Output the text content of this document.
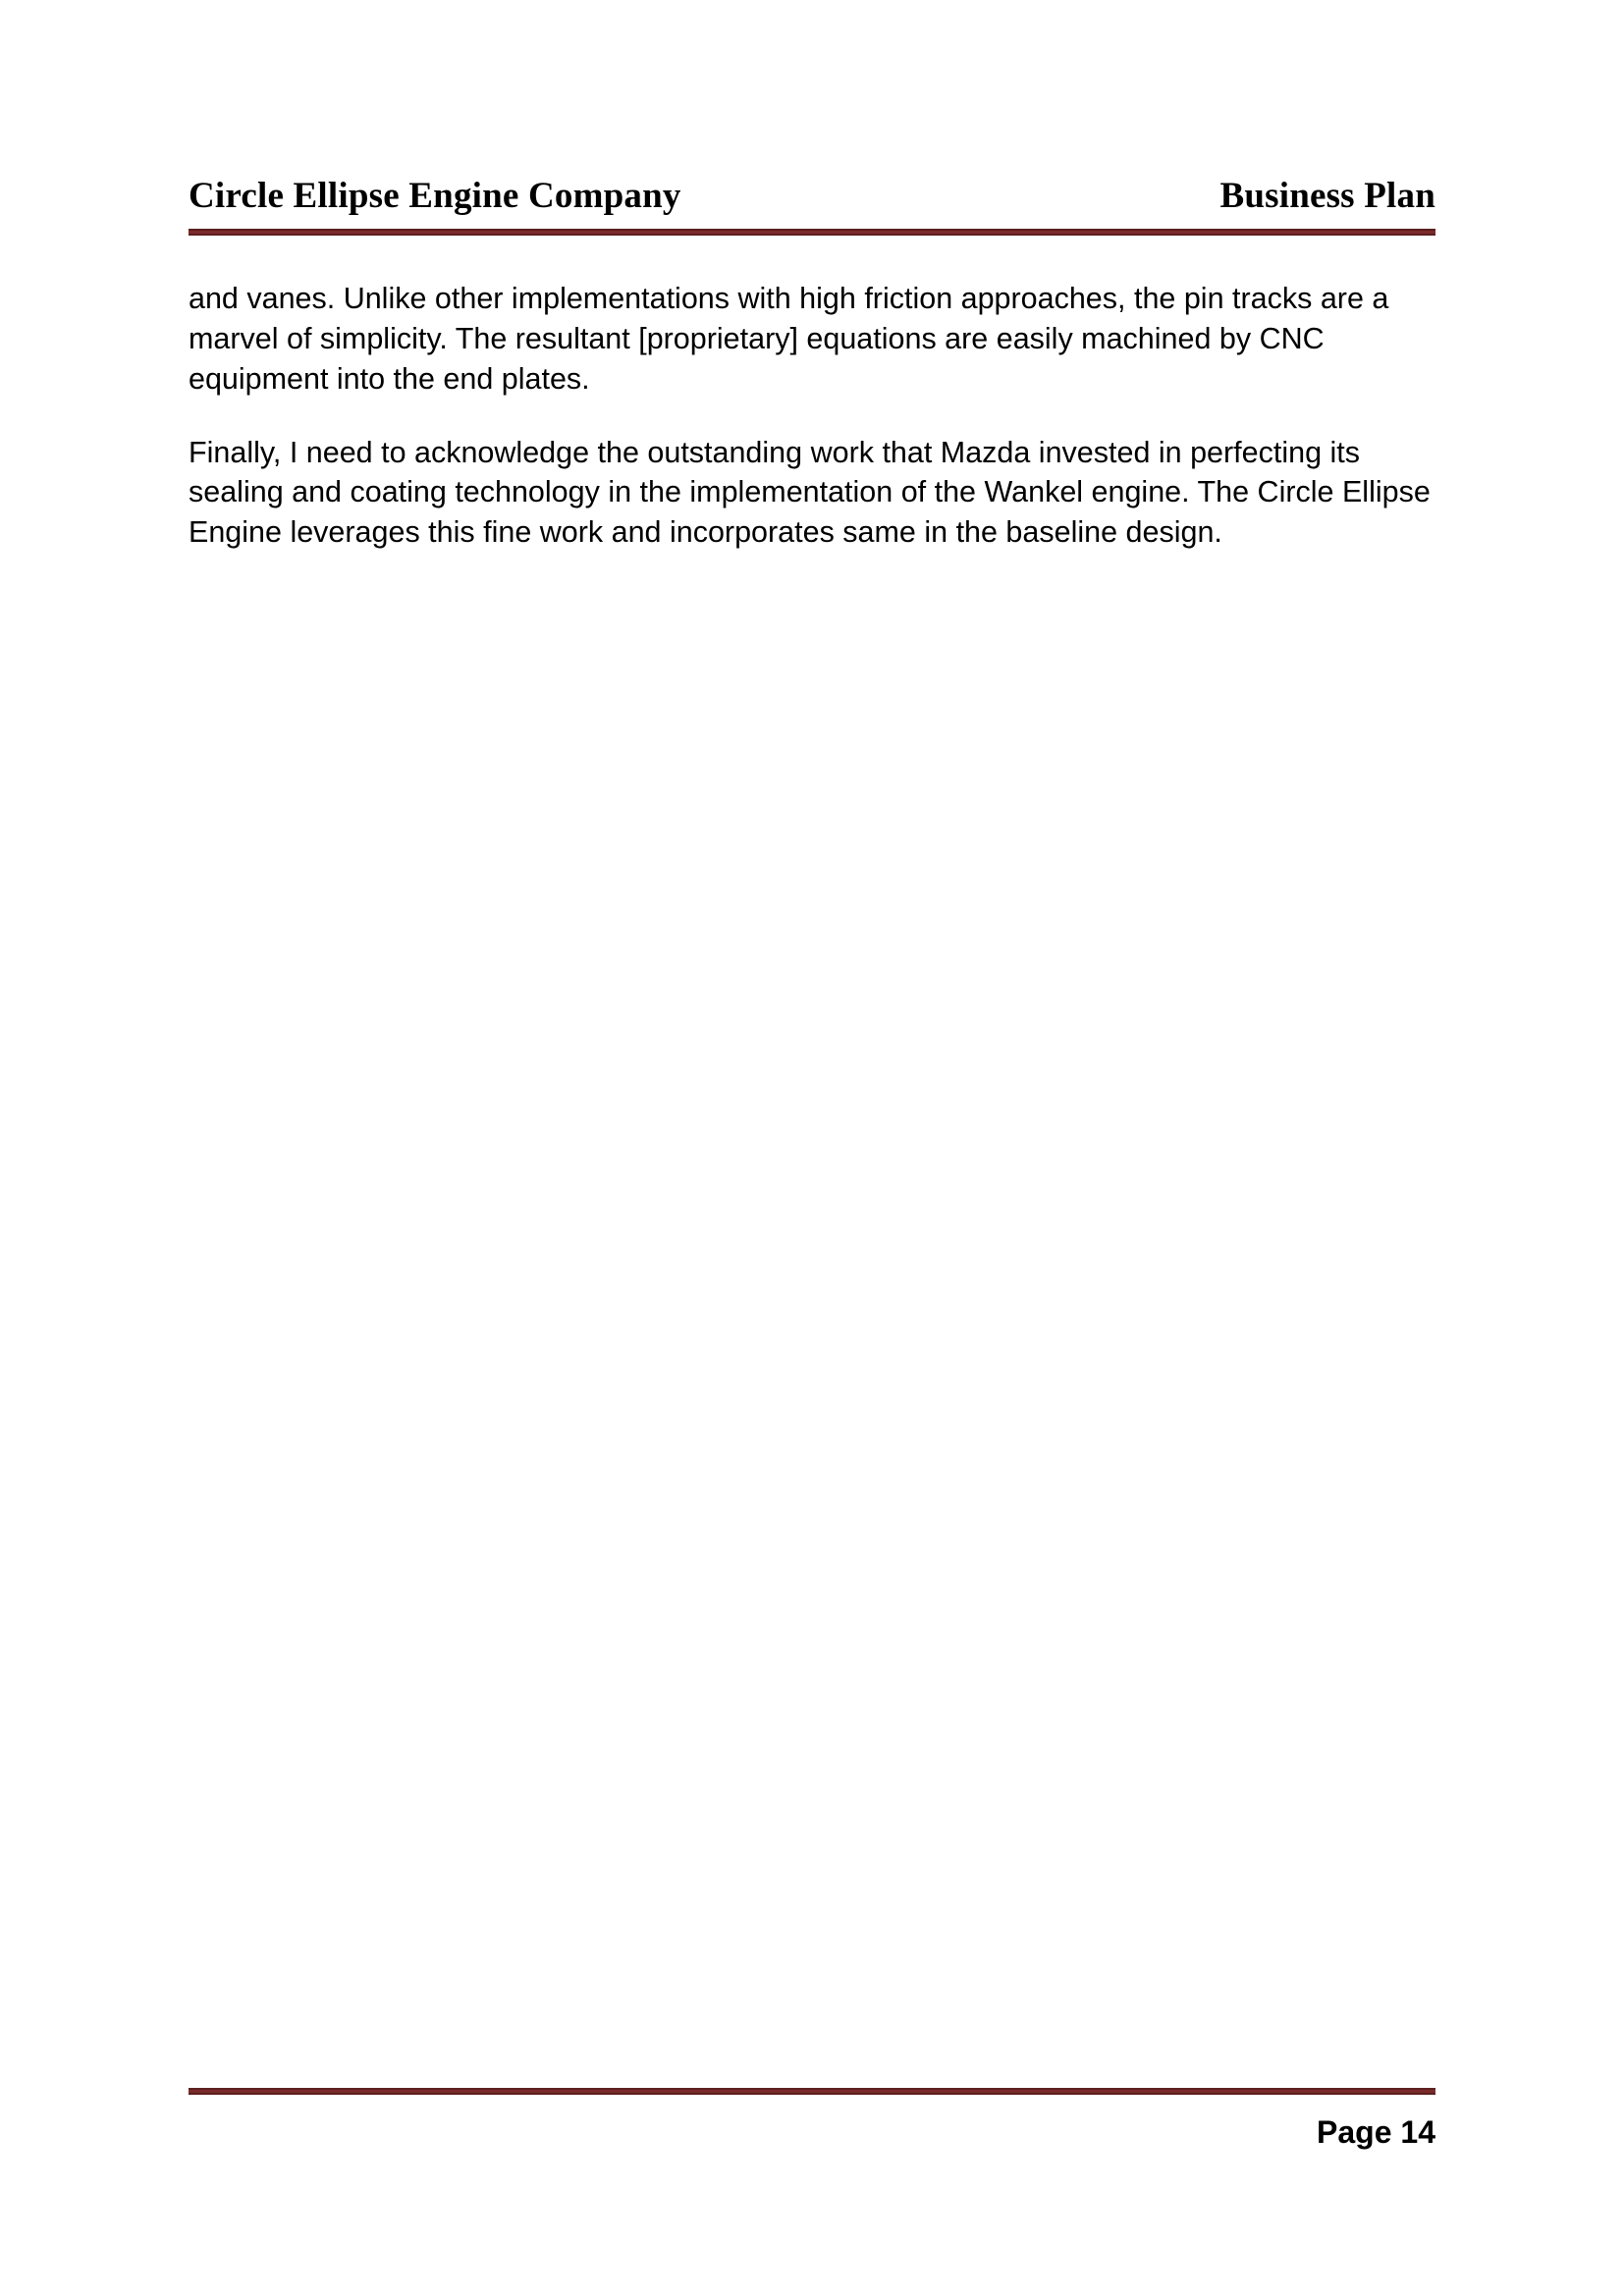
Circle Ellipse Engine Company	Business Plan

and vanes. Unlike other implementations with high friction approaches, the pin tracks are a marvel of simplicity. The resultant [proprietary] equations are easily machined by CNC equipment into the end plates.

Finally, I need to acknowledge the outstanding work that Mazda invested in perfecting its sealing and coating technology in the implementation of the Wankel engine. The Circle Ellipse Engine leverages this fine work and incorporates same in the baseline design.

Page 14
